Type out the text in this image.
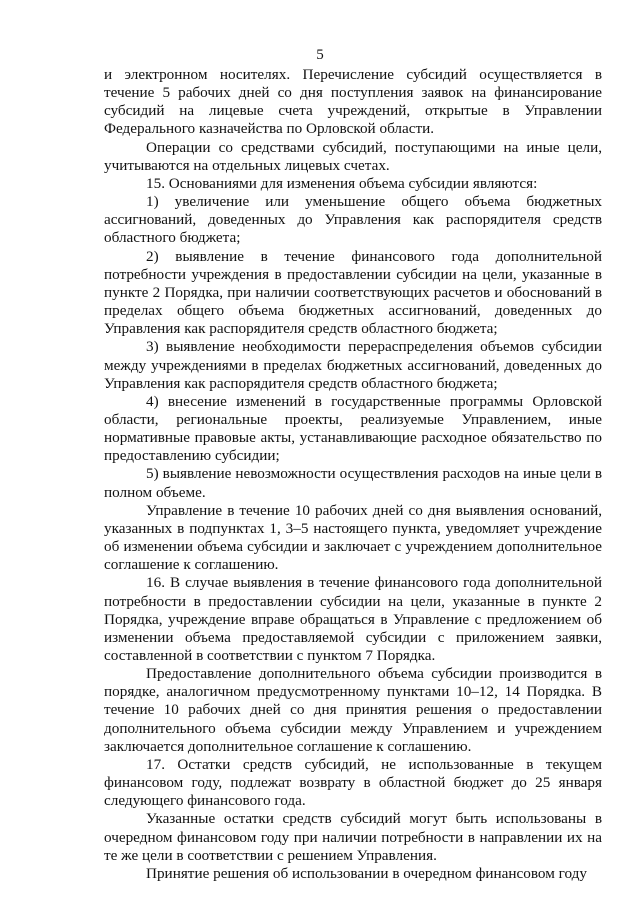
5

и электронном носителях. Перечисление субсидий осуществляется в течение 5 рабочих дней со дня поступления заявок на финансирование субсидий на лицевые счета учреждений, открытые в Управлении Федерального казначейства по Орловской области.

Операции со средствами субсидий, поступающими на иные цели, учитываются на отдельных лицевых счетах.

15. Основаниями для изменения объема субсидии являются:

1) увеличение или уменьшение общего объема бюджетных ассигнований, доведенных до Управления как распорядителя средств областного бюджета;

2) выявление в течение финансового года дополнительной потребности учреждения в предоставлении субсидии на цели, указанные в пункте 2 Порядка, при наличии соответствующих расчетов и обоснований в пределах общего объема бюджетных ассигнований, доведенных до Управления как распорядителя средств областного бюджета;

3) выявление необходимости перераспределения объемов субсидии между учреждениями в пределах бюджетных ассигнований, доведенных до Управления как распорядителя средств областного бюджета;

4) внесение изменений в государственные программы Орловской области, региональные проекты, реализуемые Управлением, иные нормативные правовые акты, устанавливающие расходное обязательство по предоставлению субсидии;

5) выявление невозможности осуществления расходов на иные цели в полном объеме.

Управление в течение 10 рабочих дней со дня выявления оснований, указанных в подпунктах 1, 3–5 настоящего пункта, уведомляет учреждение об изменении объема субсидии и заключает с учреждением дополнительное соглашение к соглашению.

16. В случае выявления в течение финансового года дополнительной потребности в предоставлении субсидии на цели, указанные в пункте 2 Порядка, учреждение вправе обращаться в Управление с предложением об изменении объема предоставляемой субсидии с приложением заявки, составленной в соответствии с пунктом 7 Порядка.

Предоставление дополнительного объема субсидии производится в порядке, аналогичном предусмотренному пунктами 10–12, 14 Порядка. В течение 10 рабочих дней со дня принятия решения о предоставлении дополнительного объема субсидии между Управлением и учреждением заключается дополнительное соглашение к соглашению.

17. Остатки средств субсидий, не использованные в текущем финансовом году, подлежат возврату в областной бюджет до 25 января следующего финансового года.

Указанные остатки средств субсидий могут быть использованы в очередном финансовом году при наличии потребности в направлении их на те же цели в соответствии с решением Управления.

Принятие решения об использовании в очередном финансовом году
